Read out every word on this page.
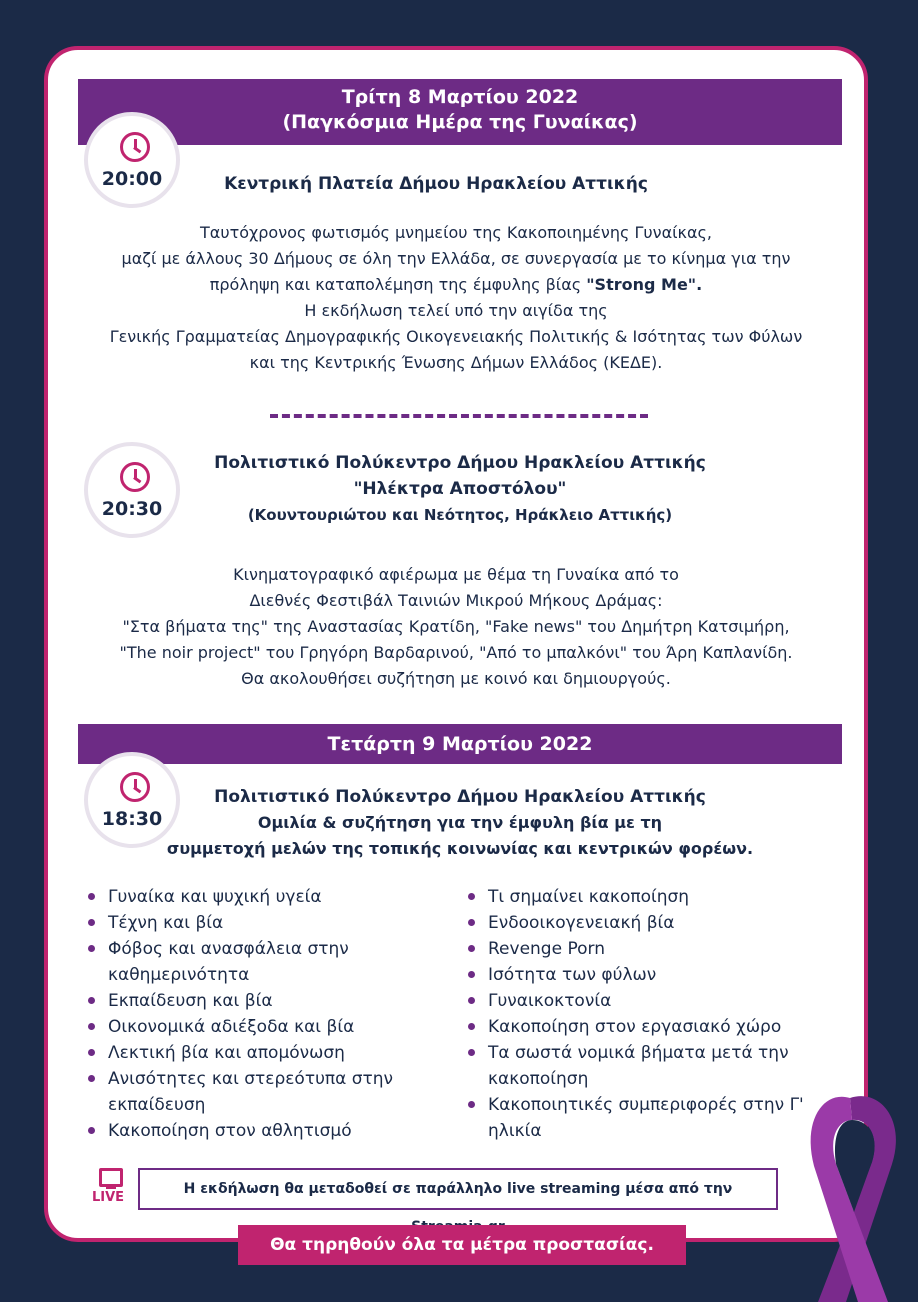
Τρίτη 8 Μαρτίου 2022
(Παγκόσμια Ημέρα της Γυναίκας)
20:00	Κεντρική Πλατεία Δήμου Ηρακλείου Αττικής
Ταυτόχρονος φωτισμός μνημείου της Κακοποιημένης Γυναίκας,
μαζί με άλλους 30 Δήμους σε όλη την Ελλάδα, σε συνεργασία με το κίνημα για την
πρόληψη και καταπολέμηση της έμφυλης βίας "Strong Me".
Η εκδήλωση τελεί υπό την αιγίδα της
Γενικής Γραμματείας Δημογραφικής Οικογενειακής Πολιτικής & Ισότητας των Φύλων
και της Κεντρικής Ένωσης Δήμων Ελλάδος (ΚΕΔΕ).
20:30
Πολιτιστικό Πολύκεντρο Δήμου Ηρακλείου Αττικής
"Ηλέκτρα Αποστόλου"
(Κουντουριώτου και Νεότητος, Ηράκλειο Αττικής)
Κινηματογραφικό αφιέρωμα με θέμα τη Γυναίκα από το
Διεθνές Φεστιβάλ Ταινιών Μικρού Μήκους Δράμας:
"Στα βήματα της" της Αναστασίας Κρατίδη, "Fake news" του Δημήτρη Κατσιμήρη,
"The noir project" του Γρηγόρη Βαρδαρινού, "Από το μπαλκόνι" του Άρη Καπλανίδη.
Θα ακολουθήσει συζήτηση με κοινό και δημιουργούς.
Τετάρτη 9 Μαρτίου 2022
18:30
Πολιτιστικό Πολύκεντρο Δήμου Ηρακλείου Αττικής
Ομιλία & συζήτηση για την έμφυλη βία με τη
συμμετοχή μελών της τοπικής κοινωνίας και κεντρικών φορέων.
Γυναίκα και ψυχική υγεία
Τέχνη και βία
Φόβος και ανασφάλεια στην καθημερινότητα
Εκπαίδευση και βία
Οικονομικά αδιέξοδα και βία
Λεκτική βία και απομόνωση
Ανισότητες και στερεότυπα στην εκπαίδευση
Κακοποίηση στον αθλητισμό
Τι σημαίνει κακοποίηση
Ενδοοικογενειακή βία
Revenge Porn
Ισότητα των φύλων
Γυναικοκτονία
Κακοποίηση στον εργασιακό χώρο
Τα σωστά νομικά βήματα μετά την κακοποίηση
Κακοποιητικές συμπεριφορές στην Γ' ηλικία
LIVE
Η εκδήλωση θα μεταδοθεί σε παράλληλο live streaming μέσα από την
Θα τηρηθούν όλα τα μέτρα προστασίας.
